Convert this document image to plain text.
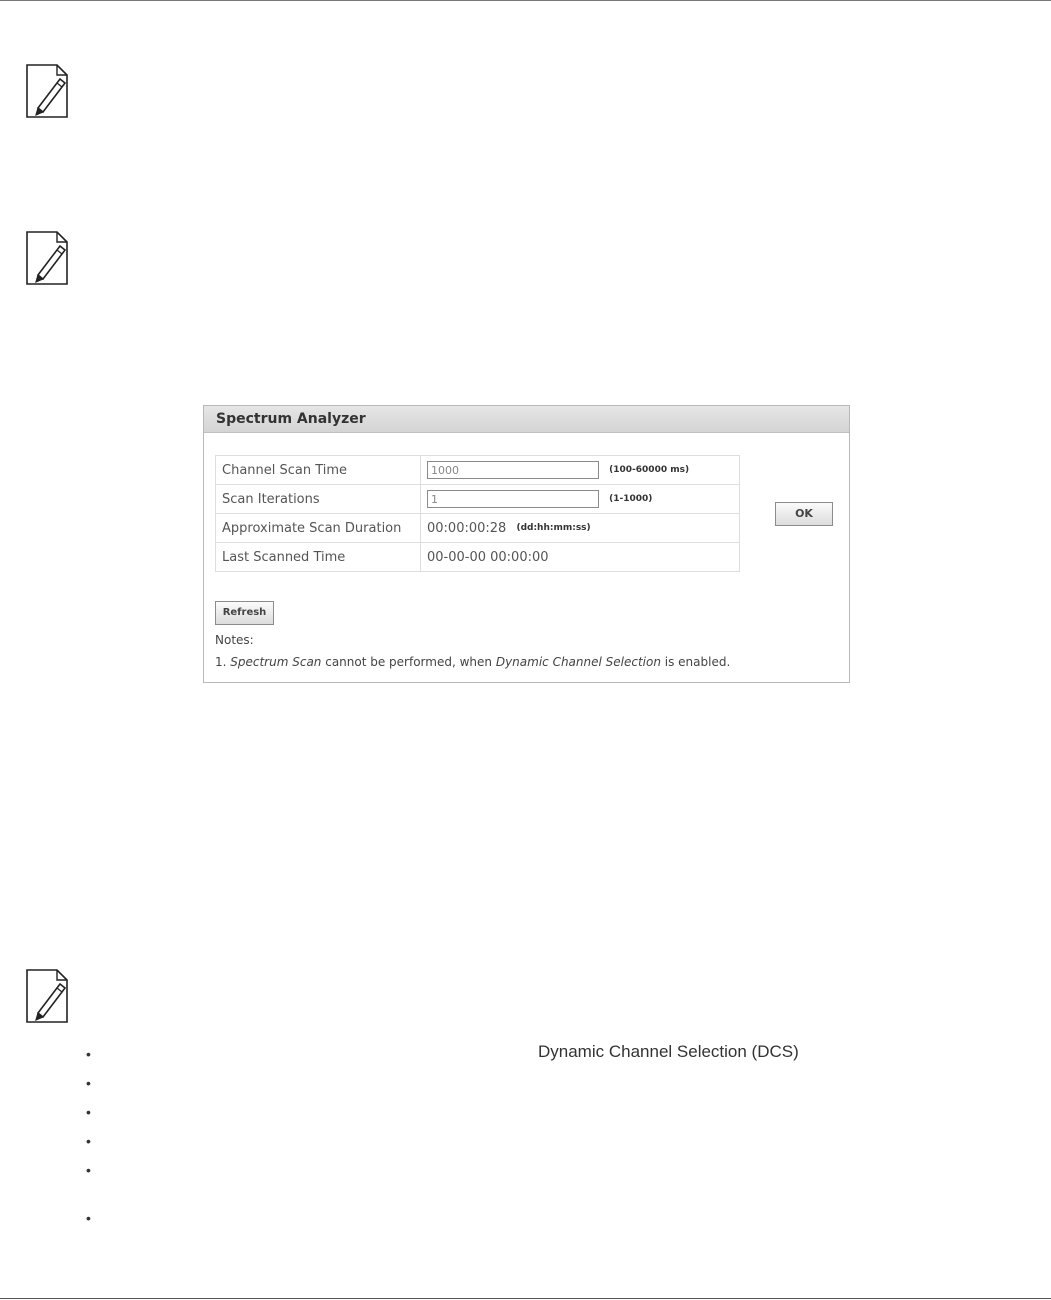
Spectrum Analyzer
Channel Scan Time	1000(100-60000 ms)
Scan Iterations	1(1-1000)
Approximate Scan Duration	00:00:00:28 (dd:hh:mm:ss)
Last Scanned Time	00-00-00 00:00:00
OK
Refresh
Notes:
1. Spectrum Scan cannot be performed, when Dynamic Channel Selection is enabled.
•
•
•
•
•
•
Dynamic Channel Selection (DCS)
